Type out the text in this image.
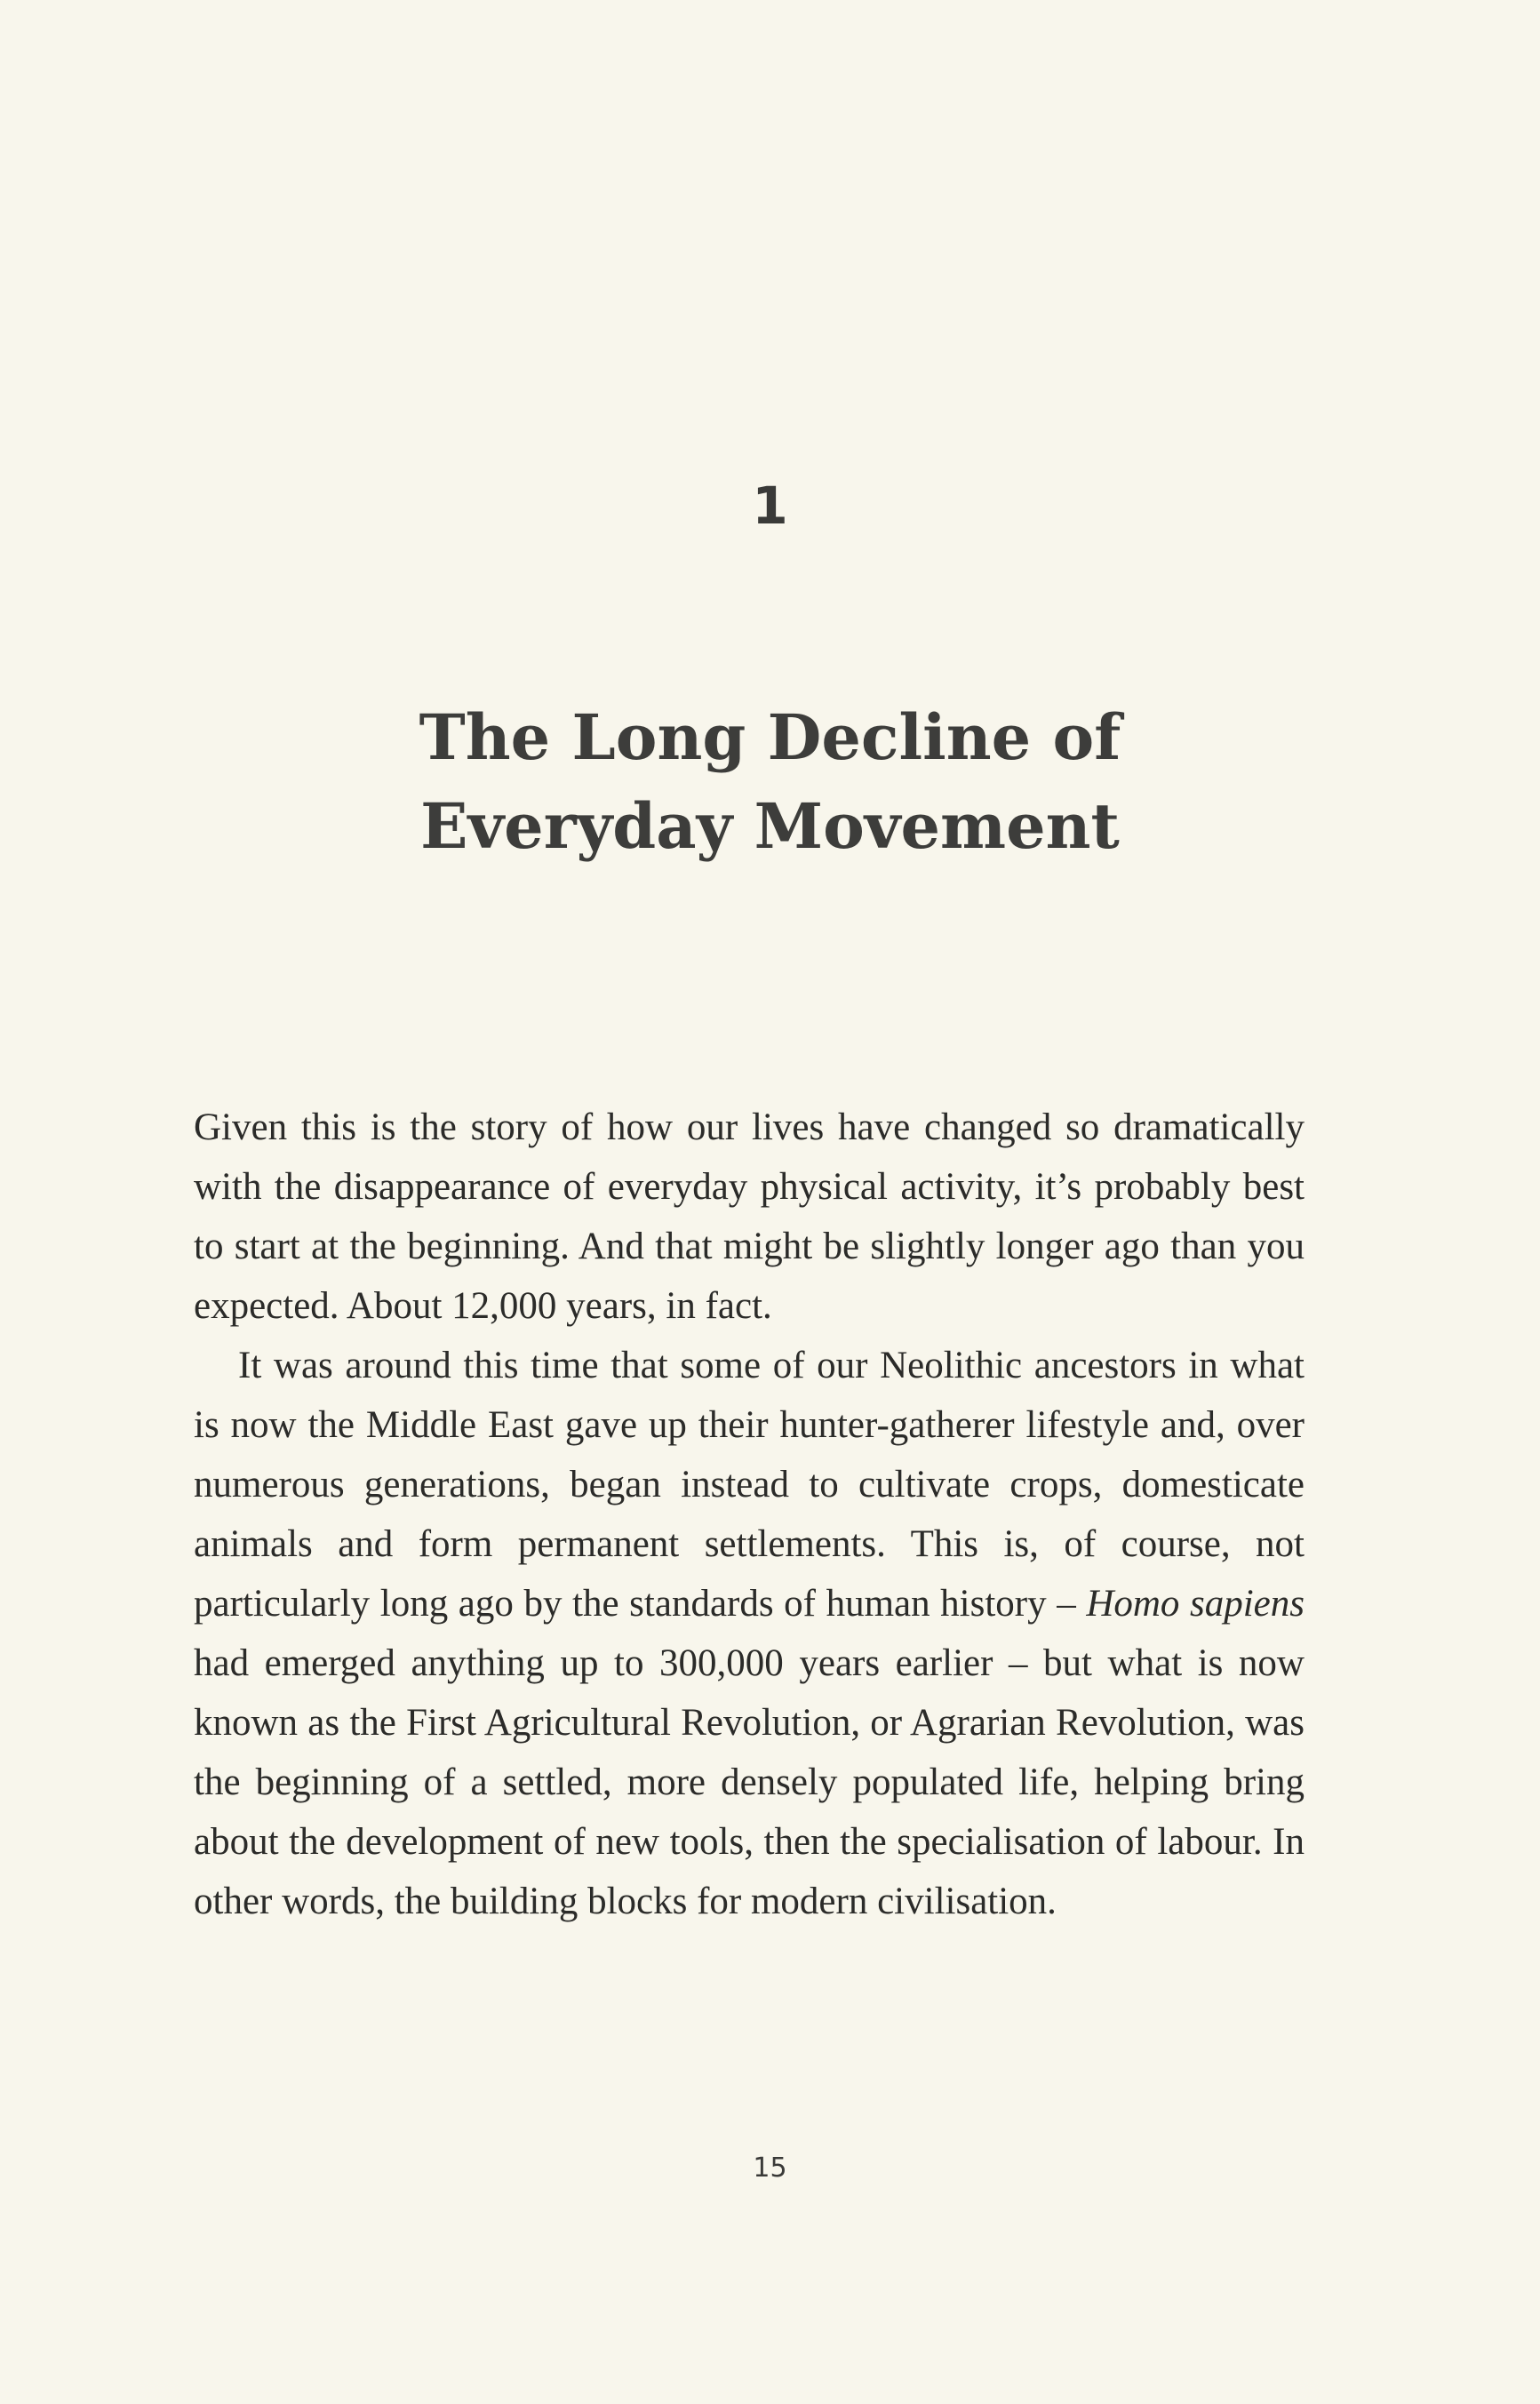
1
The Long Decline of
Everyday Movement

Given this is the story of how our lives have changed so dramatically with the disappearance of everyday physical activity, it’s probably best to start at the beginning. And that might be slightly longer ago than you expected. About 12,000 years, in fact.

It was around this time that some of our Neolithic ancestors in what is now the Middle East gave up their hunter-gatherer lifestyle and, over numerous generations, began instead to cultivate crops, domesticate animals and form permanent settlements. This is, of course, not particularly long ago by the standards of human history – Homo sapiens had emerged anything up to 300,000 years earlier – but what is now known as the First Agricultural Revolution, or Agrarian Revolution, was the beginning of a settled, more densely populated life, helping bring about the development of new tools, then the specialisation of labour. In other words, the building blocks for modern civilisation.

15
